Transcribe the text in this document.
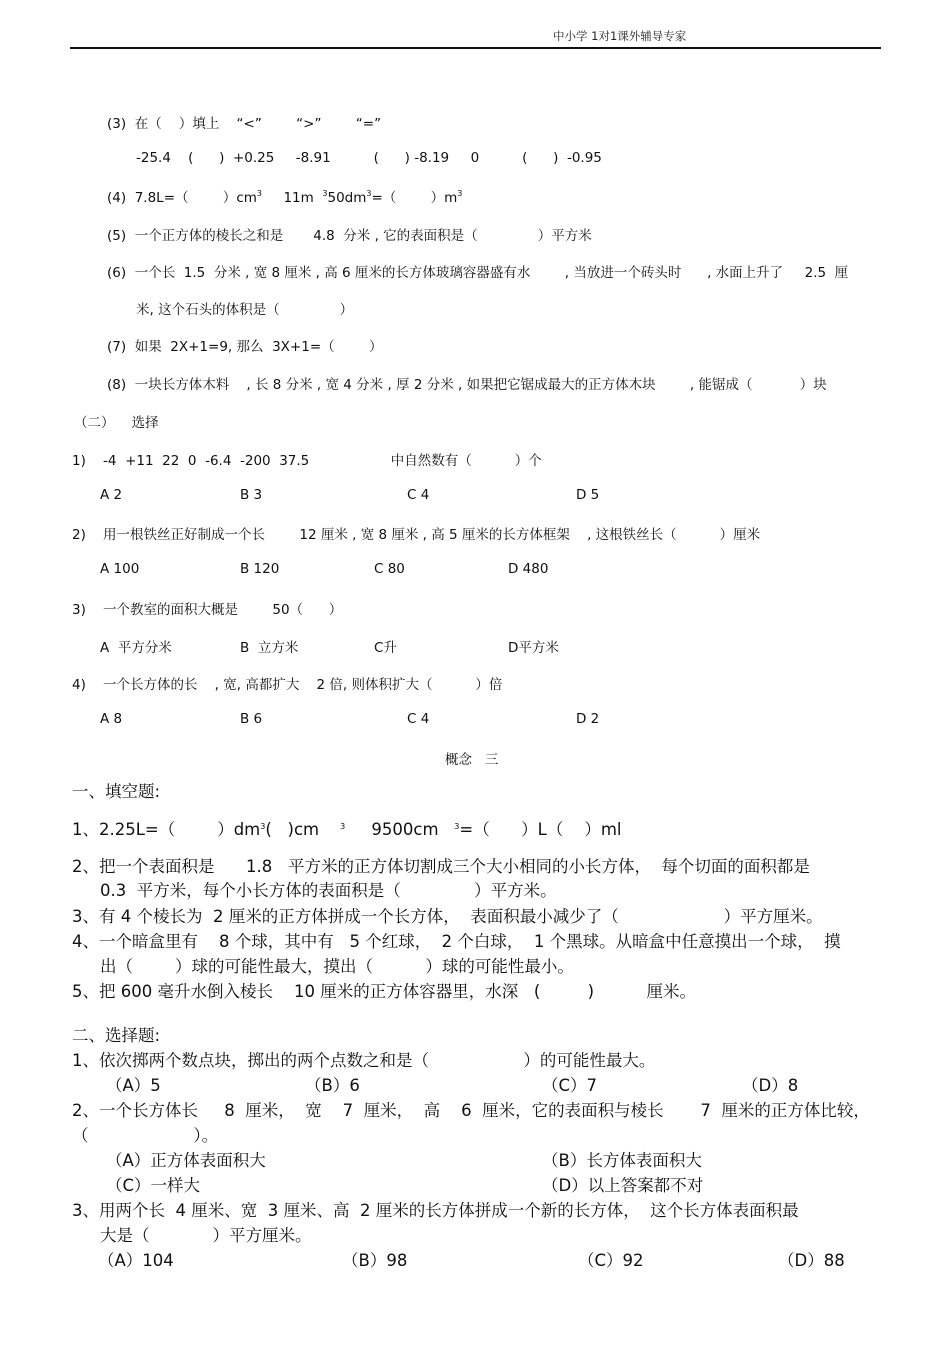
中小学 1对1课外辅导专家
(3)  在（    ）填上    “<”        “>”        “=”
-25.4    (      )  +0.25     -8.91          (      ) -8.19     0          (      )  -0.95
(4)  7.8L=（        ）$cm^3$     11m  $^350dm^3=$（        ）$m^3$
(5)  一个正方体的棱长之和是       4.8  分米 , 它的表面积是（              ）平方米
(6)  一个长  1.5  分米 , 宽 8 厘米 , 高 6 厘米的长方体玻璃容器盛有水        , 当放进一个砖头时      , 水面上升了     2.5  厘
米, 这个石头的体积是（              ）
(7)  如果  2X+1=9, 那么  3X+1=（        ）
(8)  一块长方体木料    , 长 8 分米 , 宽 4 分米 , 厚 2 分米 , 如果把它锯成最大的正方体木块        , 能锯成（           ）块
（二）    选择
1)    -4  +11  22  0  -6.4  -200  37.5                   中自然数有（          ）个
A 2	B 3	C 4	D 5
2)    用一根铁丝正好制成一个长        12 厘米 , 宽 8 厘米 , 高 5 厘米的长方体框架    , 这根铁丝长（          ）厘米
A 100	B 120	C 80	D 480
3)    一个教室的面积大概是        50（      ）
A  平方分米	B  立方米	C升	D平方米
4)    一个长方体的长    , 宽, 高都扩大    2 倍, 则体积扩大（          ）倍
A 8	B 6	C 4	D 2
概念   三
一、填空题:
1、2.25L=（        ）$dm^3$(   )cm    $^3$     9500cm   $^3$=（      ）L（    ）ml
2、把一个表面积是      1.8   平方米的正方体切割成三个大小相同的小长方体，  每个切面的面积都是
0.3  平方米，每个小长方体的表面积是（              ）平方米。
3、有 4 个棱长为  2 厘米的正方体拼成一个长方体，  表面积最小减少了（                    ）平方厘米。
4、一个暗盒里有    8 个球，其中有   5 个红球，  2 个白球，  1 个黑球。从暗盒中任意摸出一个球，  摸
出（        ）球的可能性最大，摸出（          ）球的可能性最小。
5、把 600 毫升水倒入棱长    10 厘米的正方体容器里，水深   (         )          厘米。
二、选择题:
1、依次掷两个数点块，掷出的两个点数之和是（                  ）的可能性最大。
（A）5	（B）6	（C）7	（D）8
2、一个长方体长     8  厘米，  宽    7  厘米，  高    6  厘米，它的表面积与棱长       7  厘米的正方体比较，
（                    ）。
（A）正方体表面积大	（B）长方体表面积大
（C）一样大	（D）以上答案都不对
3、用两个长  4 厘米、宽  3 厘米、高  2 厘米的长方体拼成一个新的长方体，  这个长方体表面积最
大是（            ）平方厘米。
（A）104	（B）98	（C）92	（D）88
